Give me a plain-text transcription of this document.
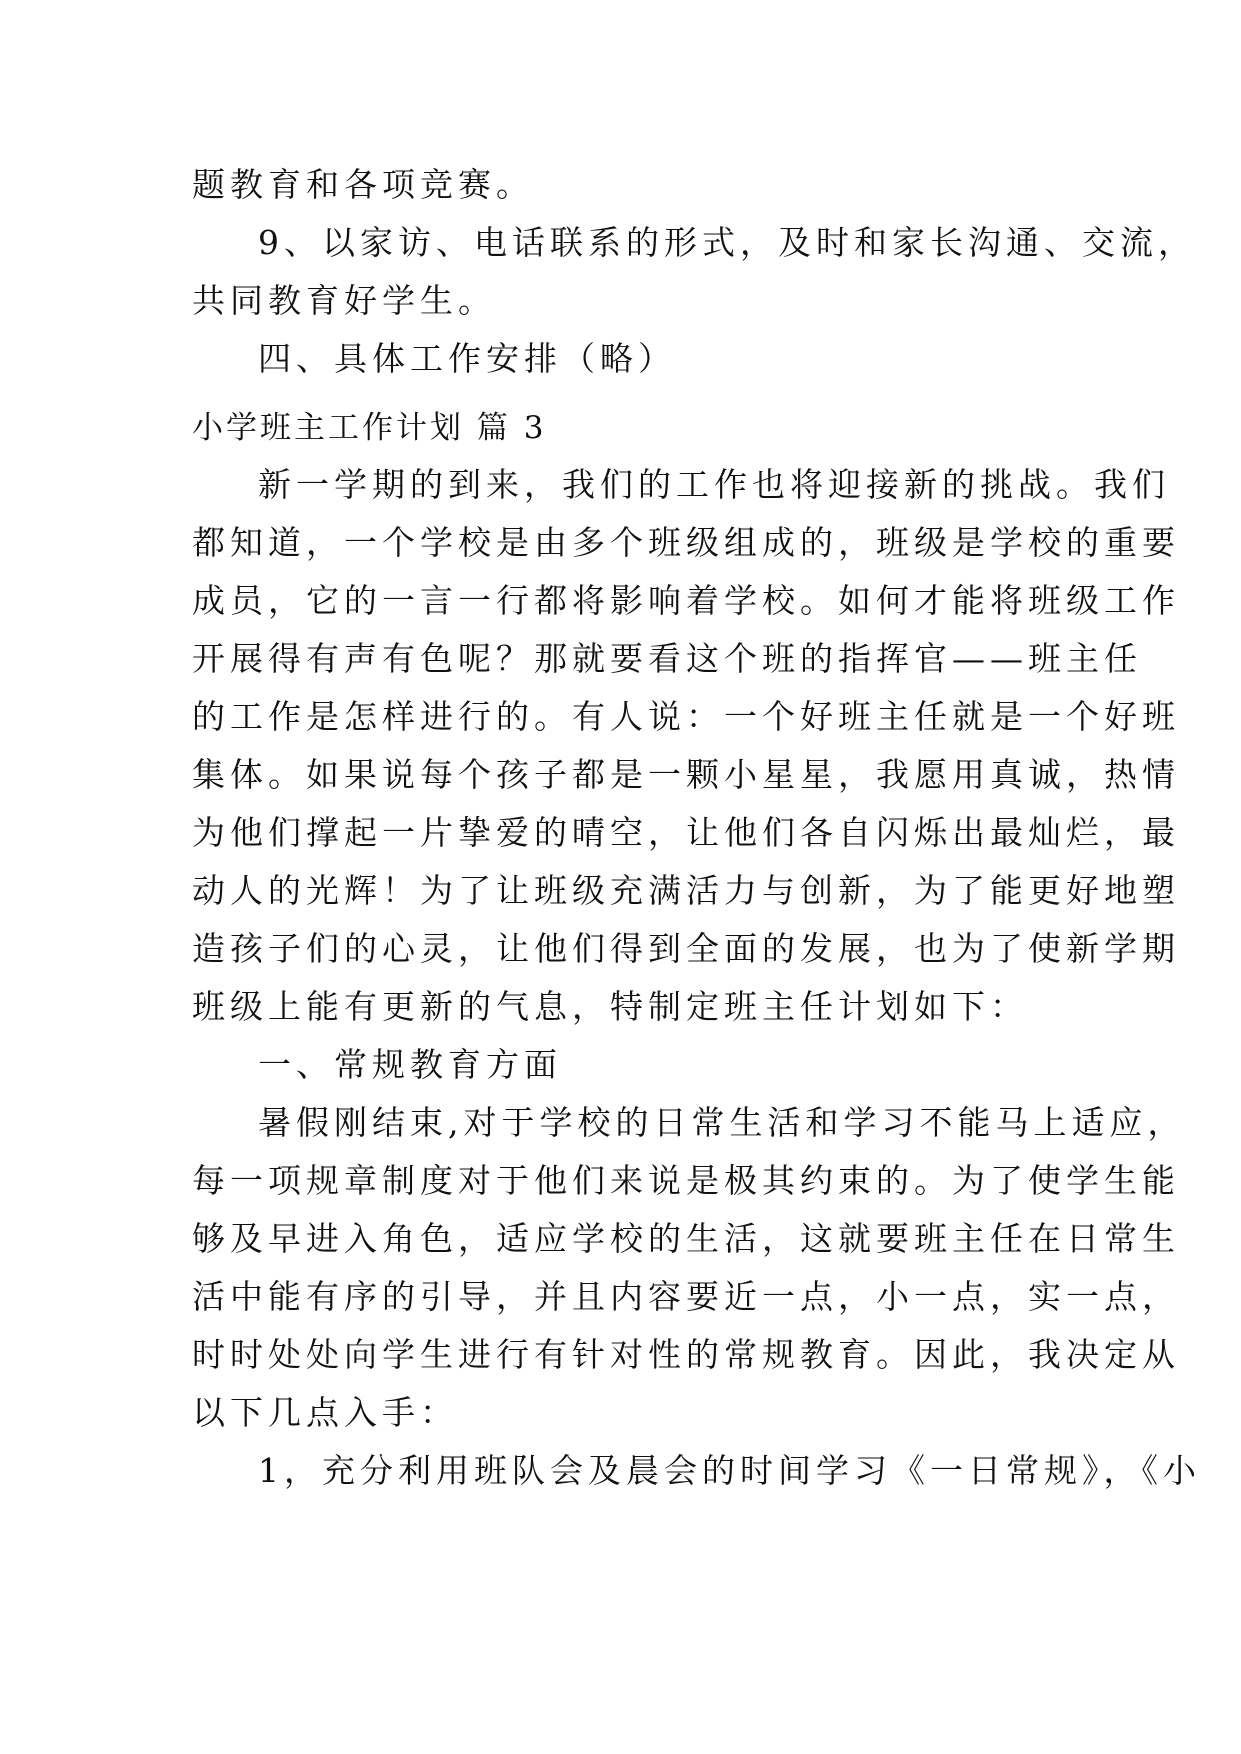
题教育和各项竞赛。
9、以家访、电话联系的形式，及时和家长沟通、交流，
共同教育好学生。
四、具体工作安排（略）
小学班主工作计划 篇 3
新一学期的到来，我们的工作也将迎接新的挑战。我们
都知道，一个学校是由多个班级组成的，班级是学校的重要
成员，它的一言一行都将影响着学校。如何才能将班级工作
开展得有声有色呢？那就要看这个班的指挥官——班主任
的工作是怎样进行的。有人说：一个好班主任就是一个好班
集体。如果说每个孩子都是一颗小星星，我愿用真诚，热情
为他们撑起一片挚爱的晴空，让他们各自闪烁出最灿烂，最
动人的光辉！为了让班级充满活力与创新，为了能更好地塑
造孩子们的心灵，让他们得到全面的发展，也为了使新学期
班级上能有更新的气息，特制定班主任计划如下：
一、常规教育方面
暑假刚结束,对于学校的日常生活和学习不能马上适应，
每一项规章制度对于他们来说是极其约束的。为了使学生能
够及早进入角色，适应学校的生活，这就要班主任在日常生
活中能有序的引导，并且内容要近一点，小一点，实一点，
时时处处向学生进行有针对性的常规教育。因此，我决定从
以下几点入手：
1，充分利用班队会及晨会的时间学习《一日常规》，《小
